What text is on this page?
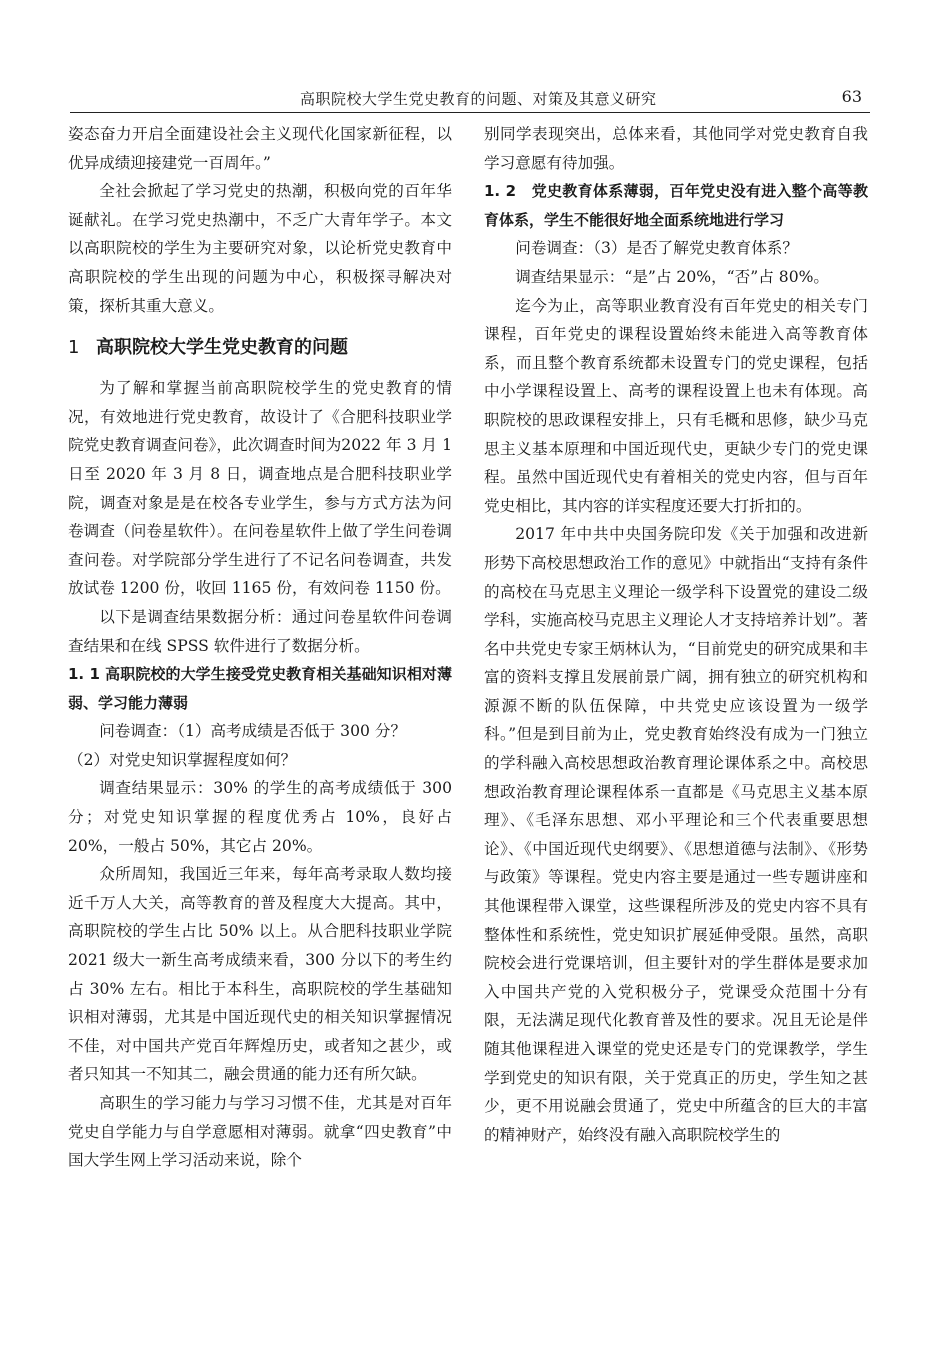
高职院校大学生党史教育的问题、对策及其意义研究	63

姿态奋力开启全面建设社会主义现代化国家新征程，以优异成绩迎接建党一百周年。”

全社会掀起了学习党史的热潮，积极向党的百年华诞献礼。在学习党史热潮中，不乏广大青年学子。本文以高职院校的学生为主要研究对象，以论析党史教育中高职院校的学生出现的问题为中心，积极探寻解决对策，探析其重大意义。

1 高职院校大学生党史教育的问题

为了解和掌握当前高职院校学生的党史教育的情况，有效地进行党史教育，故设计了《合肥科技职业学院党史教育调查问卷》，此次调查时间为2022 年 3 月 1 日至 2020 年 3 月 8 日，调查地点是合肥科技职业学院，调查对象是是在校各专业学生，参与方式方法为问卷调查（问卷星软件）。在问卷星软件上做了学生问卷调查问卷。对学院部分学生进行了不记名问卷调查，共发放试卷 1200 份，收回 1165 份，有效问卷 1150 份。

以下是调查结果数据分析：通过问卷星软件问卷调查结果和在线 SPSS 软件进行了数据分析。

1. 1 高职院校的大学生接受党史教育相关基础知识相对薄弱、学习能力薄弱

问卷调查：（1）高考成绩是否低于 300 分？

（2）对党史知识掌握程度如何？

调查结果显示：30% 的学生的高考成绩低于 300 分；对党史知识掌握的程度优秀占 10%，良好占 20%，一般占 50%，其它占 20%。

众所周知，我国近三年来，每年高考录取人数均接近千万人大关，高等教育的普及程度大大提高。其中，高职院校的学生占比 50% 以上。从合肥科技职业学院 2021 级大一新生高考成绩来看，300 分以下的考生约占 30% 左右。相比于本科生，高职院校的学生基础知识相对薄弱，尤其是中国近现代史的相关知识掌握情况不佳，对中国共产党百年辉煌历史，或者知之甚少，或者只知其一不知其二，融会贯通的能力还有所欠缺。

高职生的学习能力与学习习惯不佳，尤其是对百年党史自学能力与自学意愿相对薄弱。就拿“四史教育”中国大学生网上学习活动来说，除个

别同学表现突出，总体来看，其他同学对党史教育自我学习意愿有待加强。

1. 2　党史教育体系薄弱，百年党史没有进入整个高等教育体系，学生不能很好地全面系统地进行学习

问卷调查：（3）是否了解党史教育体系？

调查结果显示：“是”占 20%，“否”占 80%。

迄今为止，高等职业教育没有百年党史的相关专门课程，百年党史的课程设置始终未能进入高等教育体系，而且整个教育系统都未设置专门的党史课程，包括中小学课程设置上、高考的课程设置上也未有体现。高职院校的思政课程安排上，只有毛概和思修，缺少马克思主义基本原理和中国近现代史，更缺少专门的党史课程。虽然中国近现代史有着相关的党史内容，但与百年党史相比，其内容的详实程度还要大打折扣的。

2017 年中共中央国务院印发《关于加强和改进新形势下高校思想政治工作的意见》中就指出“支持有条件的高校在马克思主义理论一级学科下设置党的建设二级学科，实施高校马克思主义理论人才支持培养计划”。著名中共党史专家王炳林认为，“目前党史的研究成果和丰富的资料支撑且发展前景广阔，拥有独立的研究机构和源源不断的队伍保障，中共党史应该设置为一级学科。”但是到目前为止，党史教育始终没有成为一门独立的学科融入高校思想政治教育理论课体系之中。高校思想政治教育理论课程体系一直都是《马克思主义基本原理》、《毛泽东思想、邓小平理论和三个代表重要思想论》、《中国近现代史纲要》、《思想道德与法制》、《形势与政策》等课程。党史内容主要是通过一些专题讲座和其他课程带入课堂，这些课程所涉及的党史内容不具有整体性和系统性，党史知识扩展延伸受限。虽然，高职院校会进行党课培训，但主要针对的学生群体是要求加入中国共产党的入党积极分子，党课受众范围十分有限，无法满足现代化教育普及性的要求。况且无论是伴随其他课程进入课堂的党史还是专门的党课教学，学生学到党史的知识有限，关于党真正的历史，学生知之甚少，更不用说融会贯通了，党史中所蕴含的巨大的丰富的精神财产，始终没有融入高职院校学生的
